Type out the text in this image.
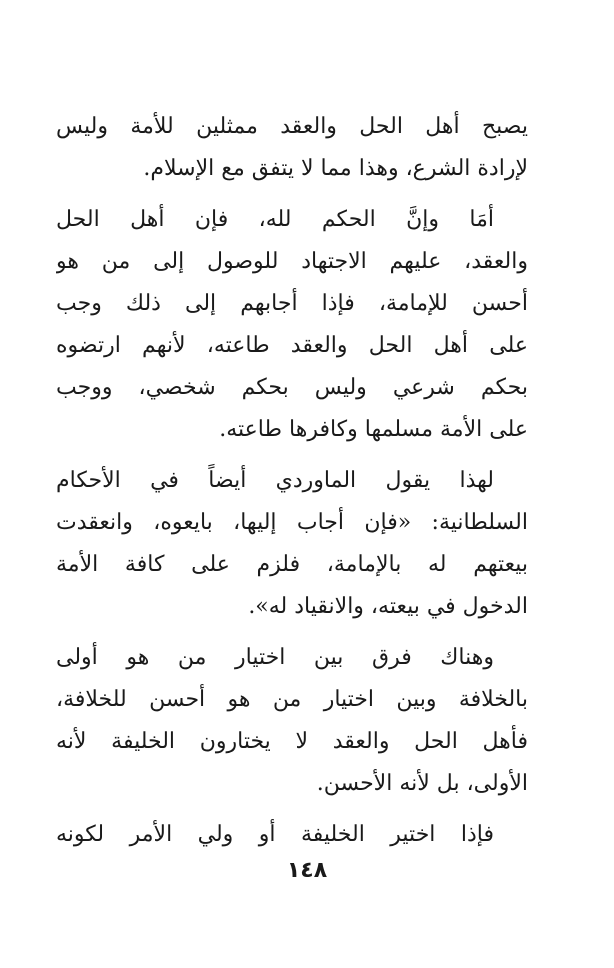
يصبح أهل الحل والعقد ممثلين للأمة وليس
لإرادة الشرع، وهذا مما لا يتفق مع الإسلام.
أمَا وإنَّ الحكم لله، فإن أهل الحل
والعقد، عليهم الاجتهاد للوصول إلى من هو
أحسن للإمامة، فإذا أجابهم إلى ذلك وجب
على أهل الحل والعقد طاعته، لأنهم ارتضوه
بحكم شرعي وليس بحكم شخصي، ووجب
على الأمة مسلمها وكافرها طاعته.
لهذا يقول الماوردي أيضاً في الأحكام
السلطانية: «فإن أجاب إليها، بايعوه، وانعقدت
بيعتهم له بالإمامة، فلزم على كافة الأمة
الدخول في بيعته، والانقياد له».
وهناك فرق بين اختيار من هو أولى
بالخلافة وبين اختيار من هو أحسن للخلافة،
فأهل الحل والعقد لا يختارون الخليفة لأنه
الأولى، بل لأنه الأحسن.
فإذا اختير الخليفة أو ولي الأمر لكونه
١٤٨
